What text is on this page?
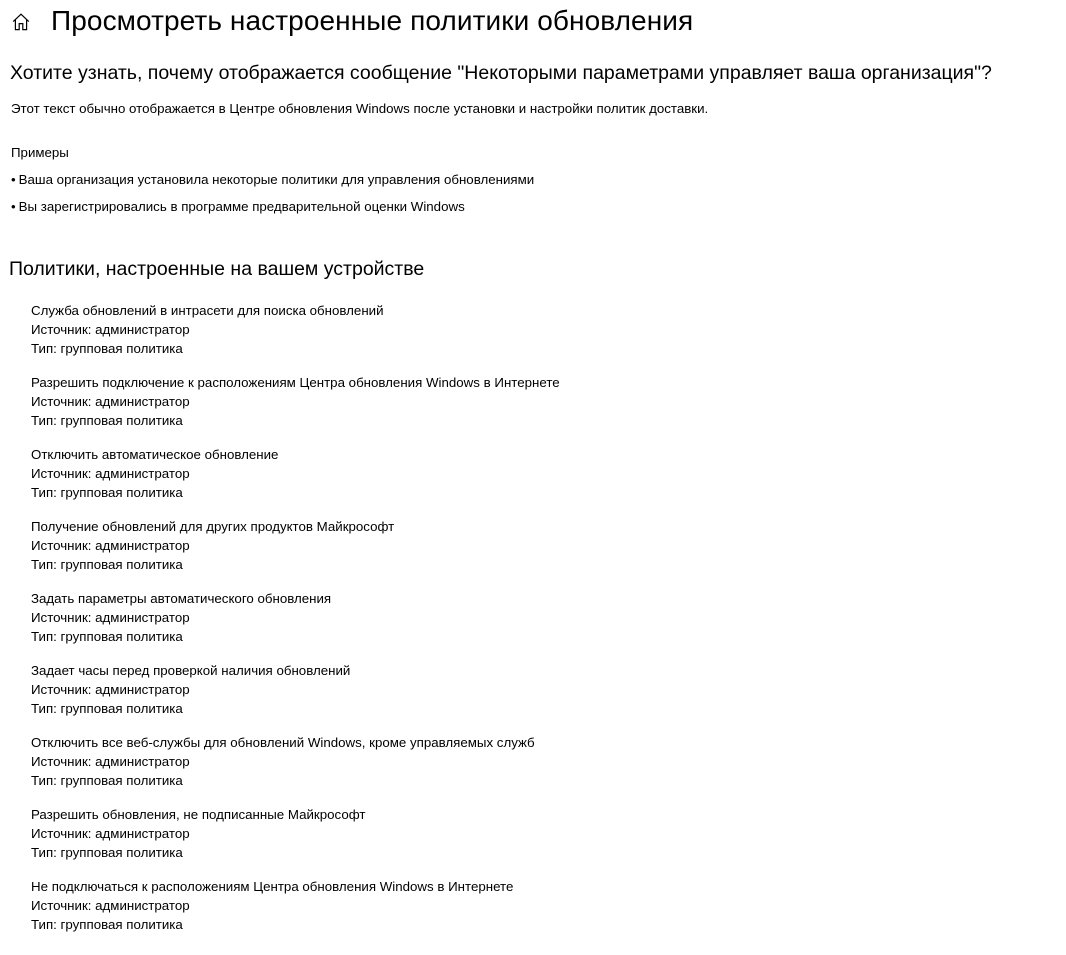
Просмотреть настроенные политики обновления
Хотите узнать, почему отображается сообщение "Некоторыми параметрами управляет ваша организация"?
Этот текст обычно отображается в Центре обновления Windows после установки и настройки политик доставки.
Примеры
• Ваша организация установила некоторые политики для управления обновлениями
• Вы зарегистрировались в программе предварительной оценки Windows
Политики, настроенные на вашем устройстве
Служба обновлений в интрасети для поиска обновлений
Источник: администратор
Тип: групповая политика
Разрешить подключение к расположениям Центра обновления Windows в Интернете
Источник: администратор
Тип: групповая политика
Отключить автоматическое обновление
Источник: администратор
Тип: групповая политика
Получение обновлений для других продуктов Майкрософт
Источник: администратор
Тип: групповая политика
Задать параметры автоматического обновления
Источник: администратор
Тип: групповая политика
Задает часы перед проверкой наличия обновлений
Источник: администратор
Тип: групповая политика
Отключить все веб-службы для обновлений Windows, кроме управляемых служб
Источник: администратор
Тип: групповая политика
Разрешить обновления, не подписанные Майкрософт
Источник: администратор
Тип: групповая политика
Не подключаться к расположениям Центра обновления Windows в Интернете
Источник: администратор
Тип: групповая политика
